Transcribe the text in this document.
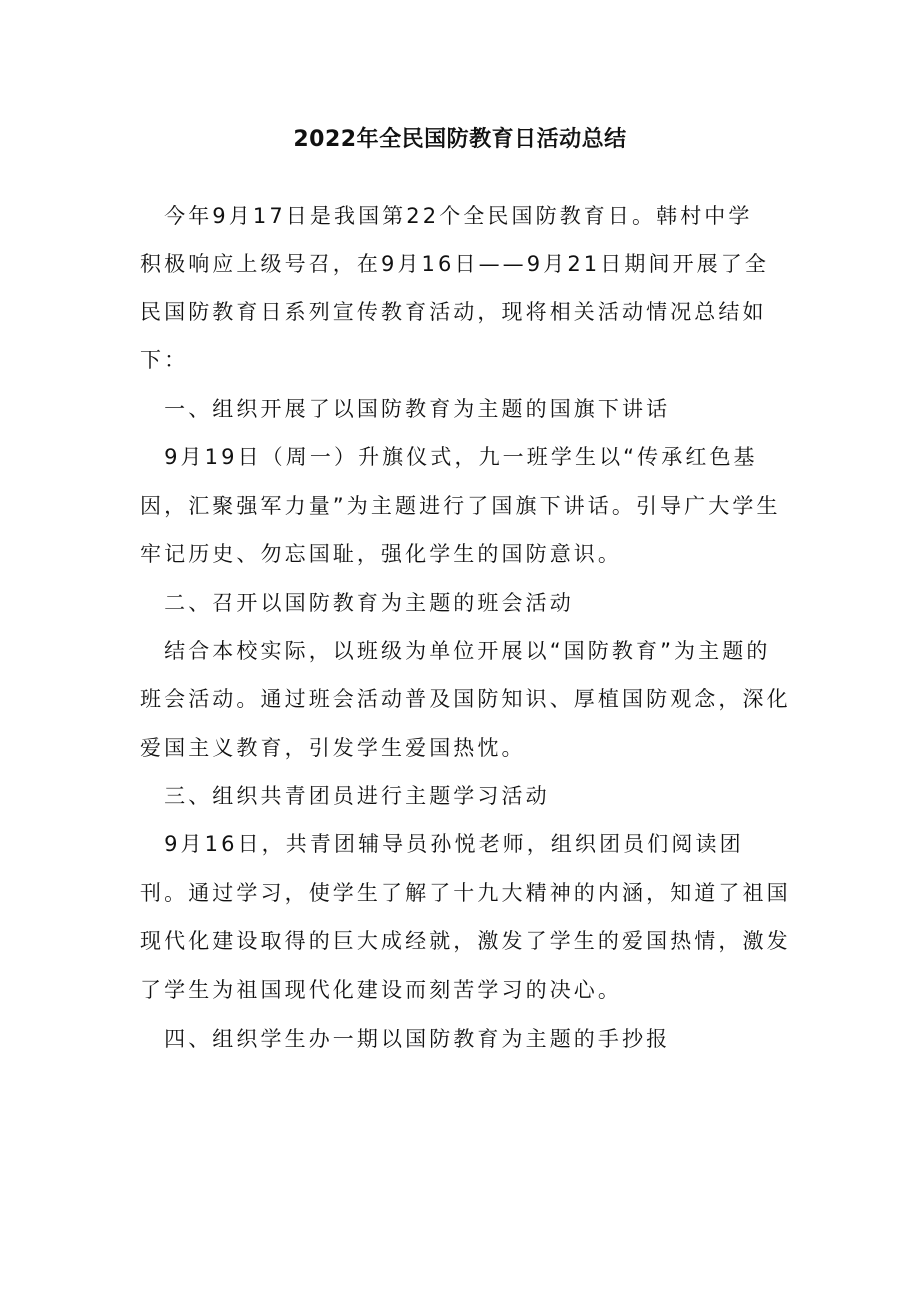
2022年全民国防教育日活动总结
　今年9月17日是我国第22个全民国防教育日。韩村中学
积极响应上级号召，在9月16日——9月21日期间开展了全
民国防教育日系列宣传教育活动，现将相关活动情况总结如
下：
　一、组织开展了以国防教育为主题的国旗下讲话
　9月19日（周一）升旗仪式，九一班学生以“传承红色基
因，汇聚强军力量”为主题进行了国旗下讲话。引导广大学生
牢记历史、勿忘国耻，强化学生的国防意识。
　二、召开以国防教育为主题的班会活动
　结合本校实际，以班级为单位开展以“国防教育”为主题的
班会活动。通过班会活动普及国防知识、厚植国防观念，深化
爱国主义教育，引发学生爱国热忱。
　三、组织共青团员进行主题学习活动
　9月16日，共青团辅导员孙悦老师，组织团员们阅读团
刊。通过学习，使学生了解了十九大精神的内涵，知道了祖国
现代化建设取得的巨大成经就，激发了学生的爱国热情，激发
了学生为祖国现代化建设而刻苦学习的决心。
　四、组织学生办一期以国防教育为主题的手抄报
